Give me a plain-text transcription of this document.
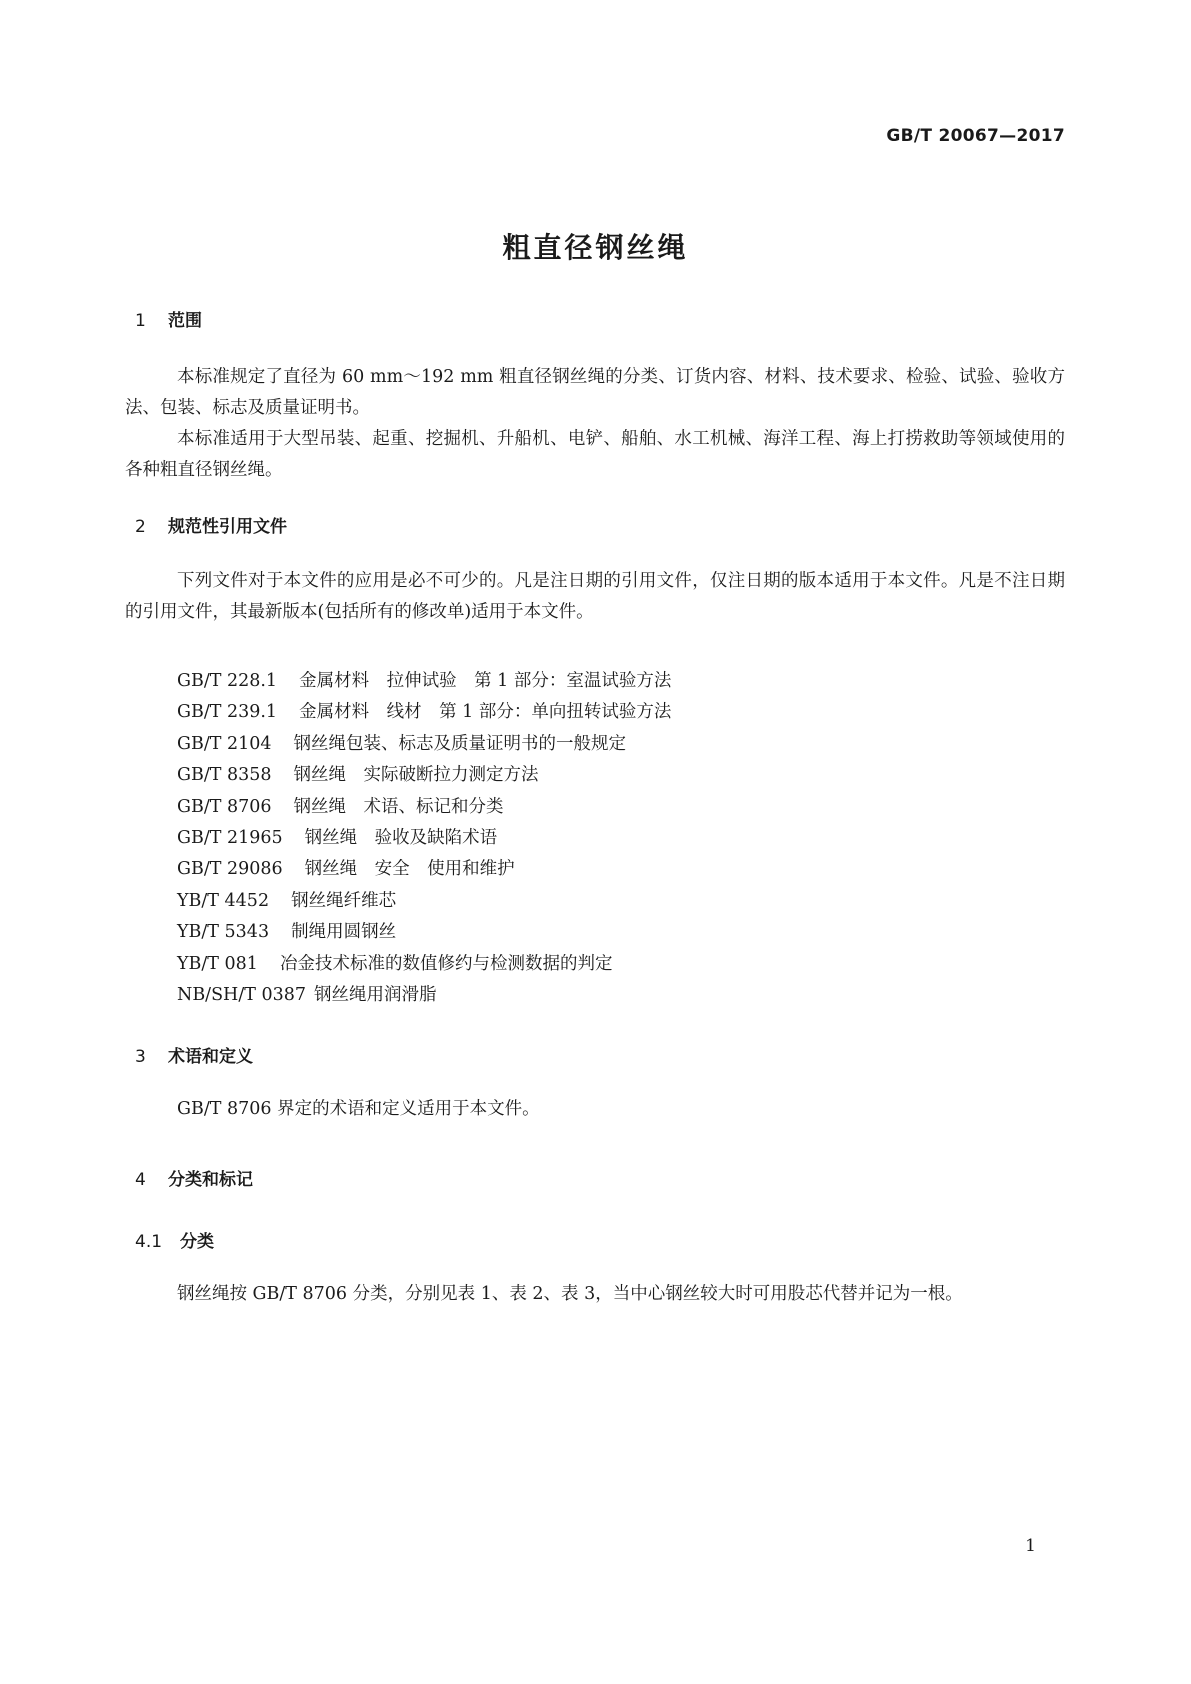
GB/T 20067—2017
粗直径钢丝绳
1 范围

本标准规定了直径为 60 mm～192 mm 粗直径钢丝绳的分类、订货内容、材料、技术要求、检验、试验、验收方法、包装、标志及质量证明书。

本标准适用于大型吊装、起重、挖掘机、升船机、电铲、船舶、水工机械、海洋工程、海上打捞救助等领域使用的各种粗直径钢丝绳。

2 规范性引用文件

下列文件对于本文件的应用是必不可少的。凡是注日期的引用文件，仅注日期的版本适用于本文件。凡是不注日期的引用文件，其最新版本(包括所有的修改单)适用于本文件。

GB/T 228.1 金属材料　拉伸试验　第 1 部分：室温试验方法
GB/T 239.1 金属材料　线材　第 1 部分：单向扭转试验方法
GB/T 2104 钢丝绳包装、标志及质量证明书的一般规定
GB/T 8358 钢丝绳　实际破断拉力测定方法
GB/T 8706 钢丝绳　术语、标记和分类
GB/T 21965 钢丝绳　验收及缺陷术语
GB/T 29086 钢丝绳　安全　使用和维护
YB/T 4452 钢丝绳纤维芯
YB/T 5343 制绳用圆钢丝
YB/T 081 冶金技术标准的数值修约与检测数据的判定
NB/SH/T 0387 钢丝绳用润滑脂
3 术语和定义

GB/T 8706 界定的术语和定义适用于本文件。

4 分类和标记
4.1 分类

钢丝绳按 GB/T 8706 分类，分别见表 1、表 2、表 3，当中心钢丝较大时可用股芯代替并记为一根。

1
